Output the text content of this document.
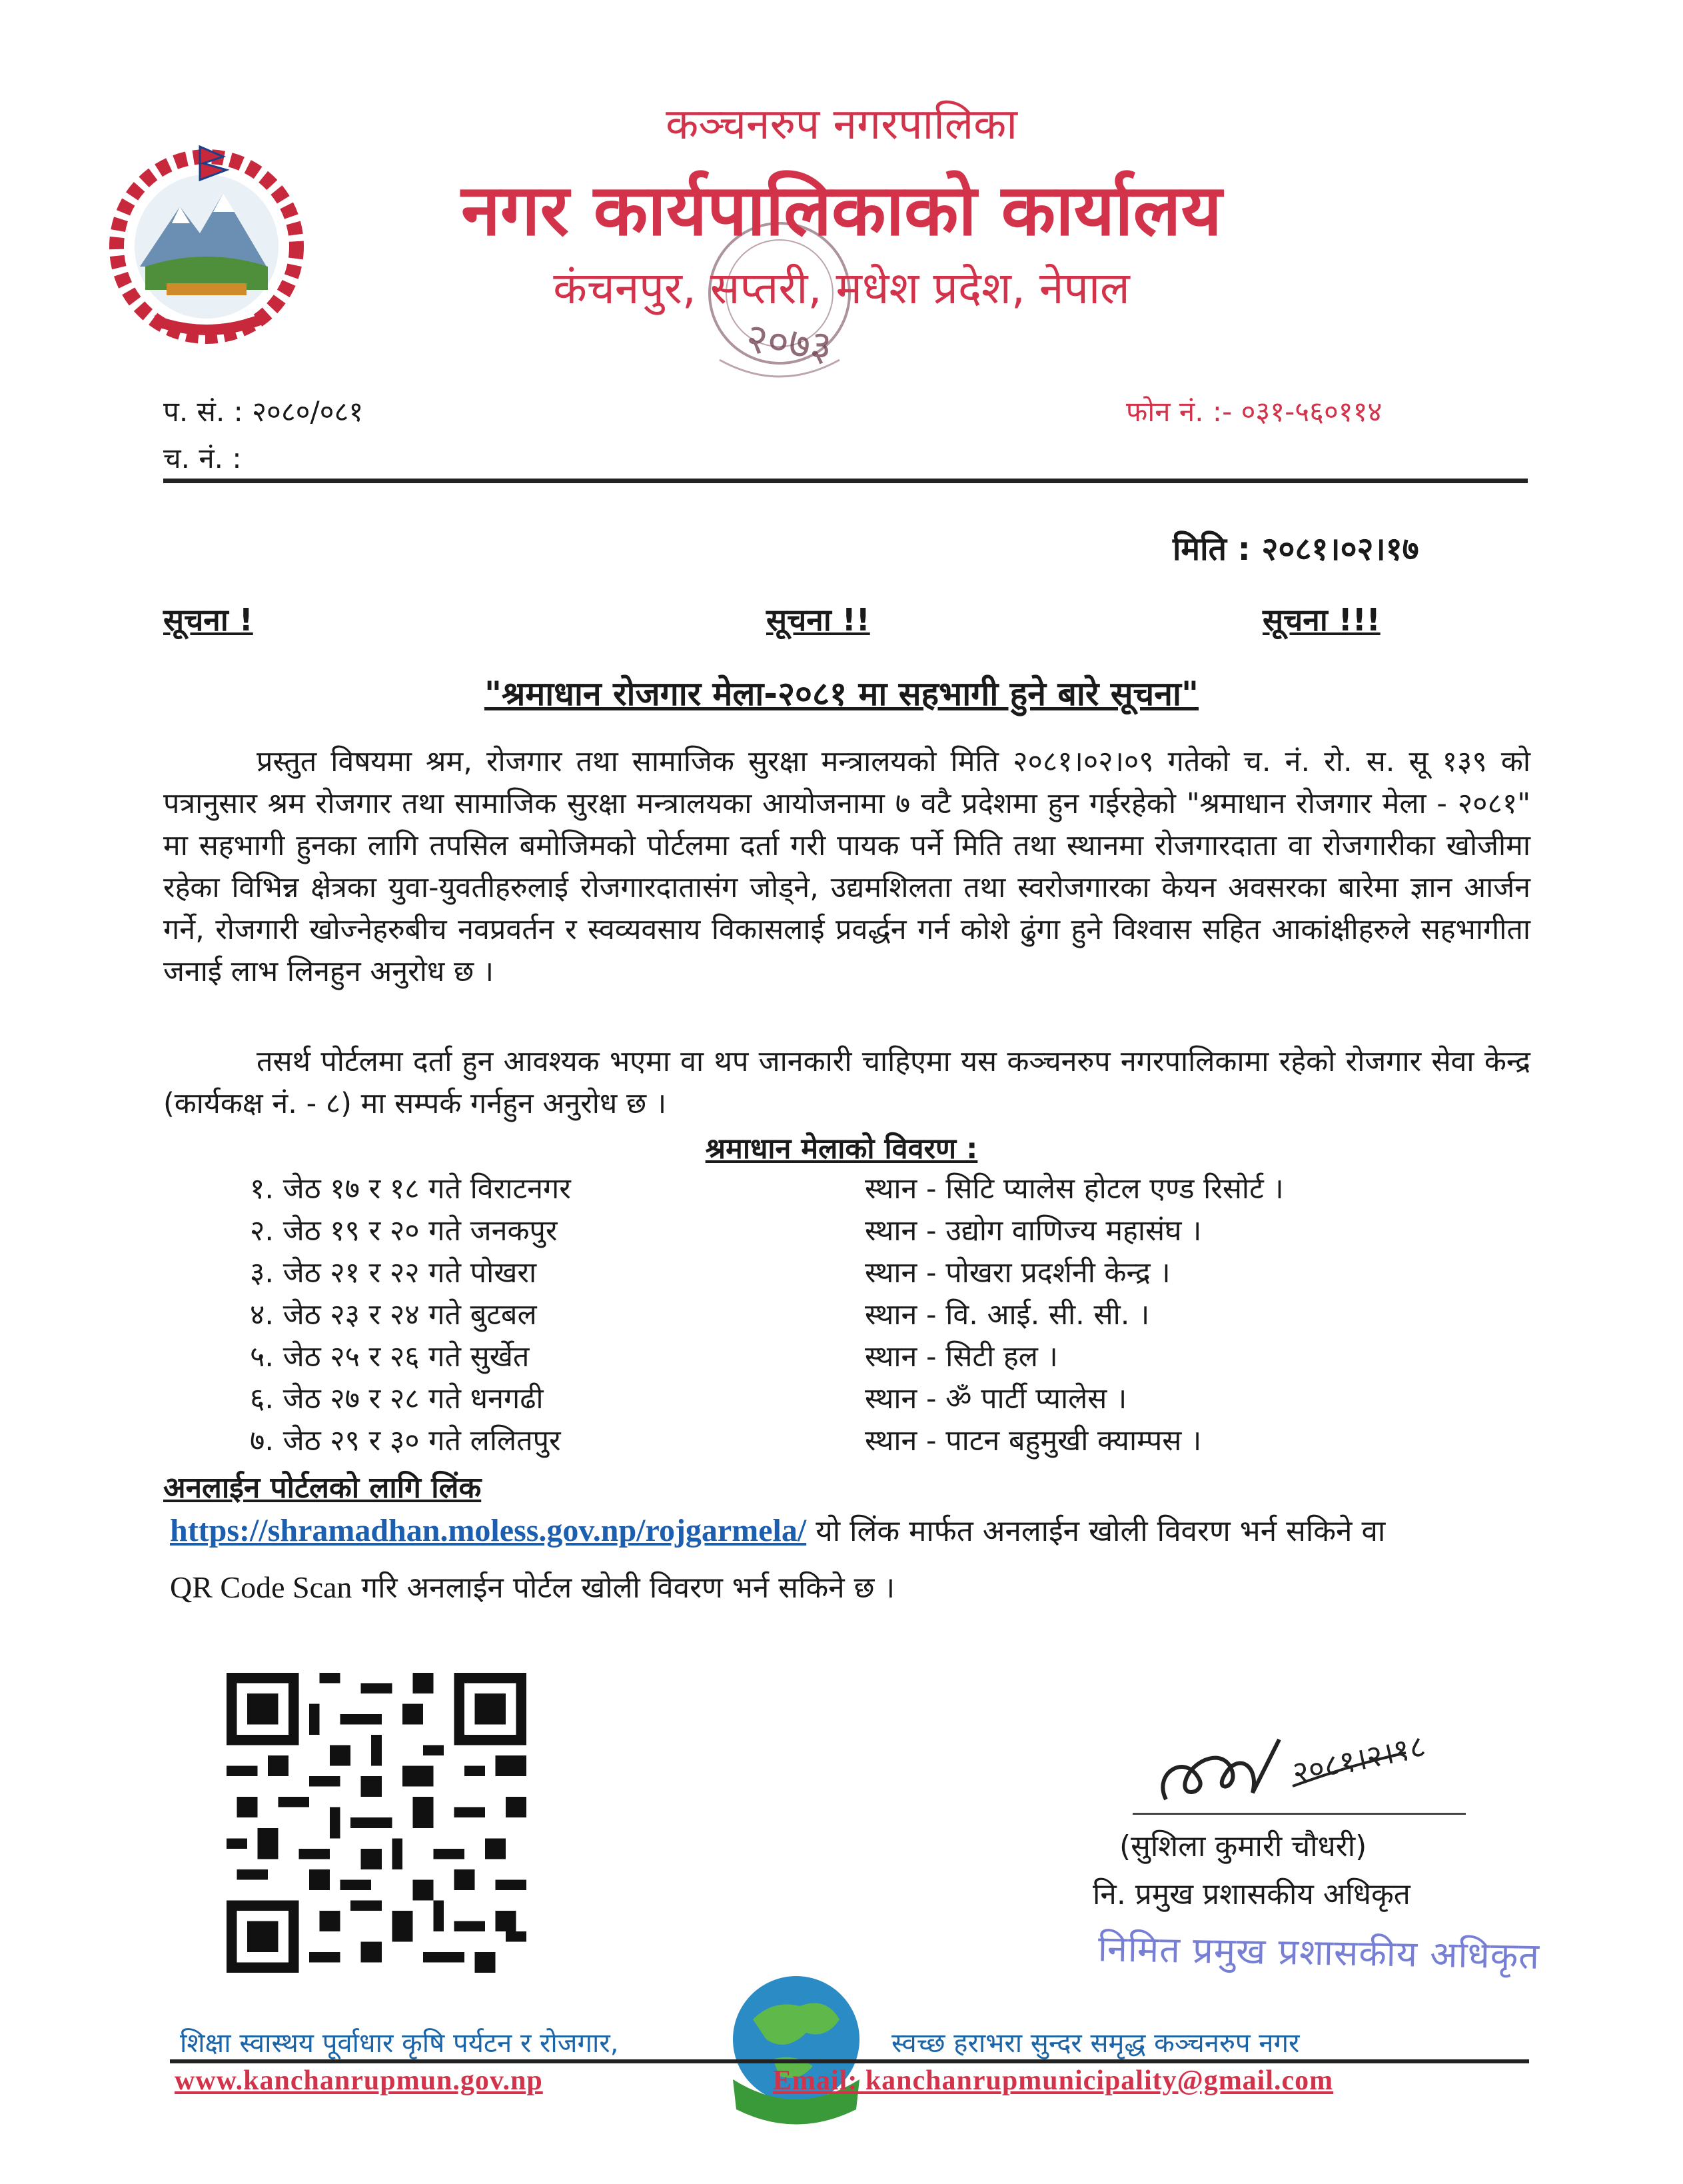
कञ्चनरुप नगरपालिका
नगर कार्यपालिकाको कार्यालय
कंचनपुर, सप्तरी, मधेश प्रदेश, नेपाल
२०७३
प. सं. : २०८०/०८१
च. नं. :
फोन नं. :- ०३१-५६०११४
मिति : २०८१।०२।१७
सूचना !	सूचना !!	सूचना !!!
"श्रमाधान रोजगार मेला-२०८१ मा सहभागी हुने बारे सूचना"
प्रस्तुत विषयमा श्रम, रोजगार तथा सामाजिक सुरक्षा मन्त्रालयको मिति २०८१।०२।०९ गतेको च. नं. रो. स. सू १३९ को पत्रानुसार श्रम रोजगार तथा सामाजिक सुरक्षा मन्त्रालयका आयोजनामा ७ वटै प्रदेशमा हुन गईरहेको "श्रमाधान रोजगार मेला - २०८१" मा सहभागी हुनका लागि तपसिल बमोजिमको पोर्टलमा दर्ता गरी पायक पर्ने मिति तथा स्थानमा रोजगारदाता वा रोजगारीका खोजीमा रहेका विभिन्न क्षेत्रका युवा-युवतीहरुलाई रोजगारदातासंग जोड्ने, उद्यमशिलता तथा स्वरोजगारका केयन अवसरका बारेमा ज्ञान आर्जन गर्ने, रोजगारी खोज्नेहरुबीच नवप्रवर्तन र स्वव्यवसाय विकासलाई प्रवर्द्धन गर्न कोशे ढुंगा हुने विश्वास सहित आकांक्षीहरुले सहभागीता जनाई लाभ लिनहुन अनुरोध छ ।
तसर्थ पोर्टलमा दर्ता हुन आवश्यक भएमा वा थप जानकारी चाहिएमा यस कञ्चनरुप नगरपालिकामा रहेको रोजगार सेवा केन्द्र (कार्यकक्ष नं. - ८) मा सम्पर्क गर्नहुन अनुरोध छ ।
श्रमाधान मेलाको विवरण :
१. जेठ १७ र १८ गते विराटनगर	स्थान - सिटि प्यालेस होटल एण्ड रिसोर्ट ।
२. जेठ १९ र २० गते जनकपुर	स्थान - उद्योग वाणिज्य महासंघ ।
३. जेठ २१ र २२ गते पोखरा	स्थान - पोखरा प्रदर्शनी केन्द्र ।
४. जेठ २३ र २४ गते बुटबल	स्थान - वि. आई. सी. सी. ।
५. जेठ २५ र २६ गते सुर्खेत	स्थान - सिटी हल ।
६. जेठ २७ र २८ गते धनगढी	स्थान - ॐ पार्टी प्यालेस ।
७. जेठ २९ र ३० गते ललितपुर	स्थान - पाटन बहुमुखी क्याम्पस ।
अनलाईन पोर्टलको लागि लिंक
https://shramadhan.moless.gov.np/rojgarmela/ यो लिंक मार्फत अनलाईन खोली विवरण भर्न सकिने वा
QR Code Scan गरि अनलाईन पोर्टल खोली विवरण भर्न सकिने छ ।
२०८१।२।१८
(सुशिला कुमारी चौधरी)
नि. प्रमुख प्रशासकीय अधिकृत
निमित प्रमुख प्रशासकीय अधिकृत
शिक्षा स्वास्थय पूर्वाधार कृषि पर्यटन र रोजगार,	स्वच्छ हराभरा सुन्दर समृद्ध कञ्चनरुप नगर
www.kanchanrupmun.gov.np	Email: kanchanrupmunicipality@gmail.com
